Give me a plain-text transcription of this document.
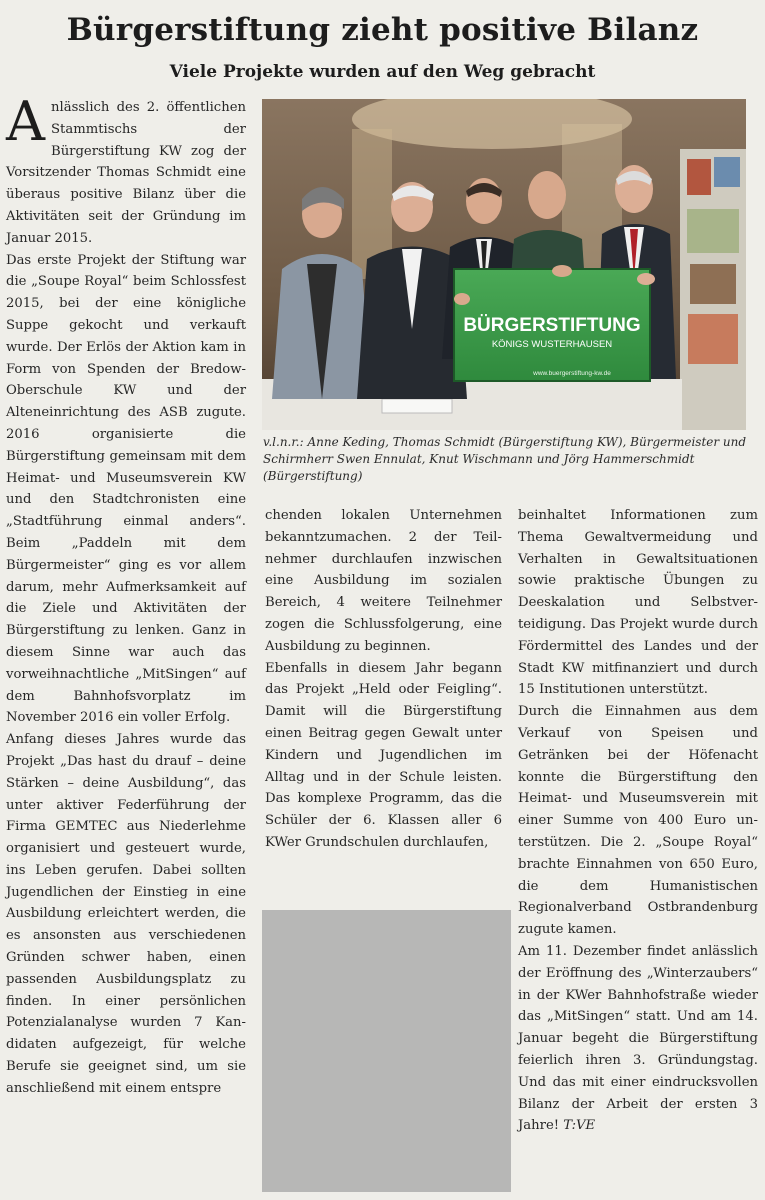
Bürgerstiftung zieht positive Bilanz
Viele Projekte wurden auf den Weg gebracht

Anlässlich des 2. öffentlichen Stammtischs der Bürgerstiftung KW zog der Vorsitzender Thomas Schmidt eine überaus positive Bilanz über die Aktivitäten seit der Gründung im Januar 2015.

Das erste Projekt der Stiftung war die „Soupe Royal“ beim Schlossfest 2015, bei der eine königliche Suppe gekocht und verkauft wurde. Der Erlös der Aktion kam in Form von Spenden der Bredow-Oberschule KW und der Alteneinrichtung des ASB zugute. 2016 organisierte die Bürgerstiftung gemeinsam mit dem Heimat- und Museumsverein KW und den Stadtchronisten eine „Stadtführung einmal anders“. Beim „Paddeln mit dem Bürgermeister“ ging es vor allem darum, mehr Aufmerksamkeit auf die Ziele und Aktivitäten der Bürgerstiftung zu lenken. Ganz in diesem Sinne war auch das vorweihnachtliche „MitSingen“ auf dem Bahnhofsvorplatz im November 2016 ein voller Erfolg.

Anfang dieses Jahres wurde das Projekt „Das hast du drauf – deine Stärken – deine Ausbildung“, das unter aktiver Federführung der Firma GEMTEC aus Niederlehme organisiert und gesteuert wurde, ins Leben gerufen. Dabei sollten Jugendlichen der Einstieg in eine Ausbildung erleichtert werden, die es ansonsten aus verschiedenen Gründen schwer haben, einen passenden Ausbildungsplatz zu finden. In einer persönlichen Potenzialanalyse wurden 7 Kandidaten aufgezeigt, für welche Berufe sie geeignet sind, um sie anschließend mit einem entspre

BÜRGERSTIFTUNG
KÖNIGS WUSTERHAUSEN
www.buergerstiftung-kw.de
v.l.n.r.: Anne Keding, Thomas Schmidt (Bürgerstiftung KW), Bürgermeister und Schirmherr Swen Ennulat, Knut Wischmann und Jörg Hammerschmidt (Bürgerstiftung)

chenden lokalen Unternehmen bekanntzumachen. 2 der Teilnehmer durchlaufen inzwischen eine Ausbildung im sozialen Bereich, 4 weitere Teilnehmer zogen die Schlussfolgerung, eine Ausbildung zu beginnen.

Ebenfalls in diesem Jahr begann das Projekt „Held oder Feigling“. Damit will die Bürgerstiftung einen Beitrag gegen Gewalt unter Kindern und Jugendlichen im Alltag und in der Schule leisten. Das komplexe Programm, das die Schüler der 6. Klassen aller 6 KWer Grundschulen durchlaufen,

beinhaltet Informationen zum Thema Gewaltvermeidung und Verhalten in Gewaltsituationen sowie praktische Übungen zu Deeskalation und Selbstverteidigung. Das Projekt wurde durch Fördermittel des Landes und der Stadt KW mitfinanziert und durch 15 Institutionen unterstützt.

Durch die Einnahmen aus dem Verkauf von Speisen und Getränken bei der Höfenacht konnte die Bürgerstiftung den Heimat- und Museumsverein mit einer Summe von 400 Euro unterstützen. Die 2. „Soupe Royal“ brachte Einnahmen von 650 Euro, die dem Humanistischen Regionalverband Ostbrandenburg zugute kamen.

Am 11. Dezember findet anlässlich der Eröffnung des „Winterzaubers“ in der KWer Bahnhofstraße wieder das „MitSingen“ statt. Und am 14. Januar begeht die Bürgerstiftung feierlich ihren 3. Gründungstag. Und das mit einer eindrucksvollen Bilanz der Arbeit der ersten 3 Jahre! T:VE
